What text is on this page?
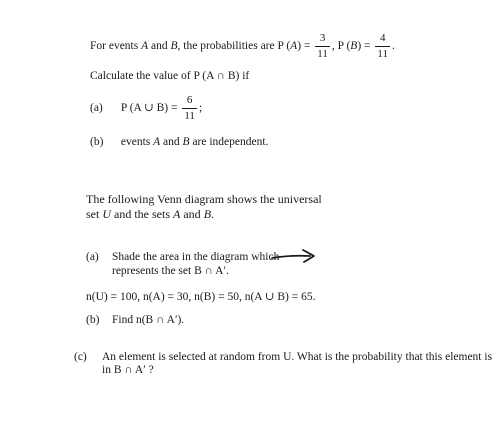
For events A and B, the probabilities are P $(A) = \frac{3}{11}$ , P $(B) = \frac{4}{11}$ .
Calculate the value of P (A ∩ B) if
(a) P (A ∪ $B) = \frac{6}{11}$ ;
(b) events A and B are independent.
The following Venn diagram shows the universal
set U and the sets A and B.
(a) Shade the area in the diagram which
represents the set B ∩ A′.
n(U) = 100, n(A) = 30, n(B) = 50, n(A ∪ B) = 65.
(b) Find n(B ∩ A′).
(c) An element is selected at random from U. What is the probability that this element is
in B ∩ A′ ?
